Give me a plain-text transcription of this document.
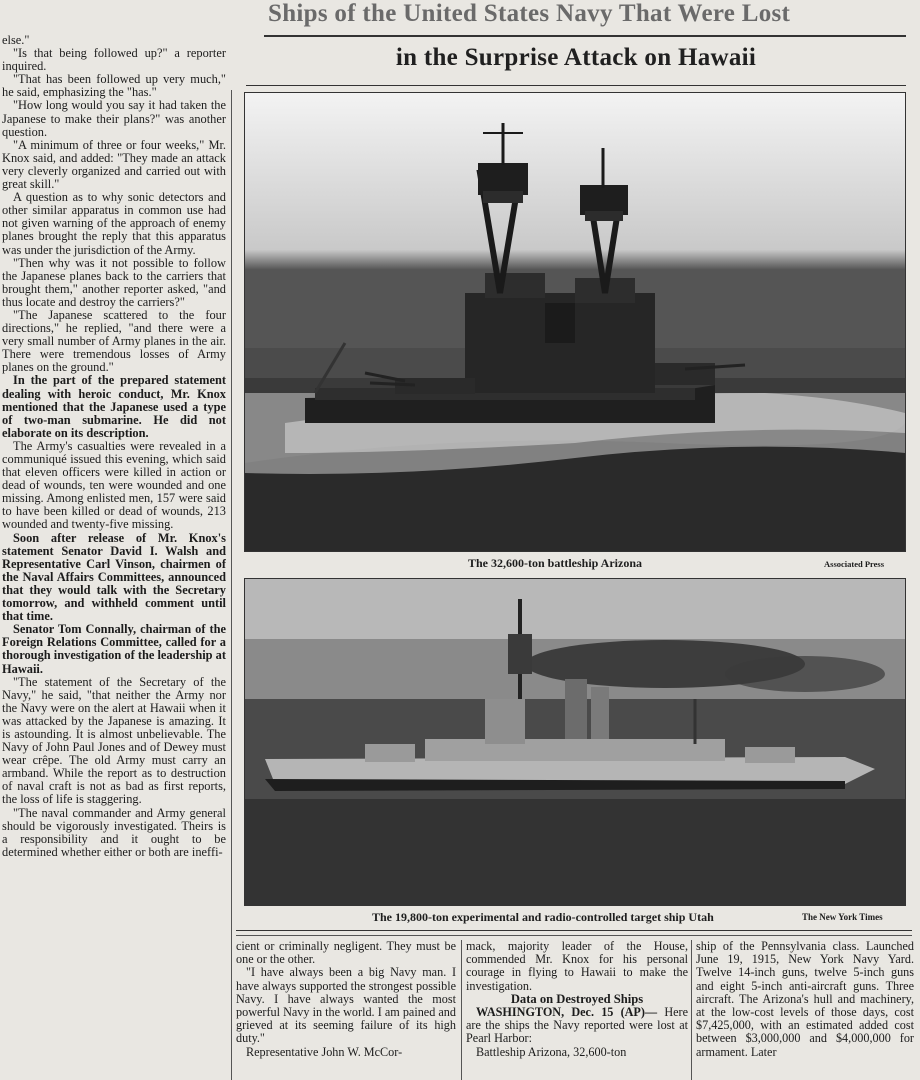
else."

"Is that being followed up?" a reporter inquired.

"That has been followed up very much," he said, emphasizing the "has."

"How long would you say it had taken the Japanese to make their plans?" was another question.

"A minimum of three or four weeks," Mr. Knox said, and added: "They made an attack very cleverly organized and carried out with great skill."

A question as to why sonic detectors and other similar apparatus in common use had not given warning of the approach of enemy planes brought the reply that this apparatus was under the jurisdiction of the Army.

"Then why was it not possible to follow the Japanese planes back to the carriers that brought them," another reporter asked, "and thus locate and destroy the carriers?"

"The Japanese scattered to the four directions," he replied, "and there were a very small number of Army planes in the air. There were tremendous losses of Army planes on the ground."

In the part of the prepared statement dealing with heroic conduct, Mr. Knox mentioned that the Japanese used a type of two-man submarine. He did not elaborate on its description.

The Army's casualties were revealed in a communiqué issued this evening, which said that eleven officers were killed in action or dead of wounds, ten were wounded and one missing. Among enlisted men, 157 were said to have been killed or dead of wounds, 213 wounded and twenty-five missing.

Soon after release of Mr. Knox's statement Senator David I. Walsh and Representative Carl Vinson, chairmen of the Naval Affairs Committees, announced that they would talk with the Secretary tomorrow, and withheld comment until that time.

Senator Tom Connally, chairman of the Foreign Relations Committee, called for a thorough investigation of the leadership at Hawaii.

"The statement of the Secretary of the Navy," he said, "that neither the Army nor the Navy were on the alert at Hawaii when it was attacked by the Japanese is amazing. It is astounding. It is almost unbelievable. The Navy of John Paul Jones and of Dewey must wear crêpe. The old Army must carry an armband. While the report as to destruction of naval craft is not as bad as first reports, the loss of life is staggering.

"The naval commander and Army general should be vigorously investigated. Theirs is a responsibility and it ought to be determined whether either or both are ineffi-

Ships of the United States Navy That Were Lost
in the Surprise Attack on Hawaii
The 32,600-ton battleship Arizona	Associated Press
The 19,800-ton experimental and radio-controlled target ship Utah	The New York Times

cient or criminally negligent. They must be one or the other.

"I have always been a big Navy man. I have always supported the strongest possible Navy. I have always wanted the most powerful Navy in the world. I am pained and grieved at its seeming failure of its high duty."

Representative John W. McCor-

mack, majority leader of the House, commended Mr. Knox for his personal courage in flying to Hawaii to make the investigation.

Data on Destroyed Ships

WASHINGTON, Dec. 15 (AP)— Here are the ships the Navy reported were lost at Pearl Harbor:

Battleship Arizona, 32,600-ton

ship of the Pennsylvania class. Launched June 19, 1915, New York Navy Yard. Twelve 14-inch guns, twelve 5-inch guns and eight 5-inch anti-aircraft guns. Three aircraft. The Arizona's hull and machinery, at the low-cost levels of those days, cost $7,425,000, with an estimated added cost between $3,000,000 and $4,000,000 for armament. Later
